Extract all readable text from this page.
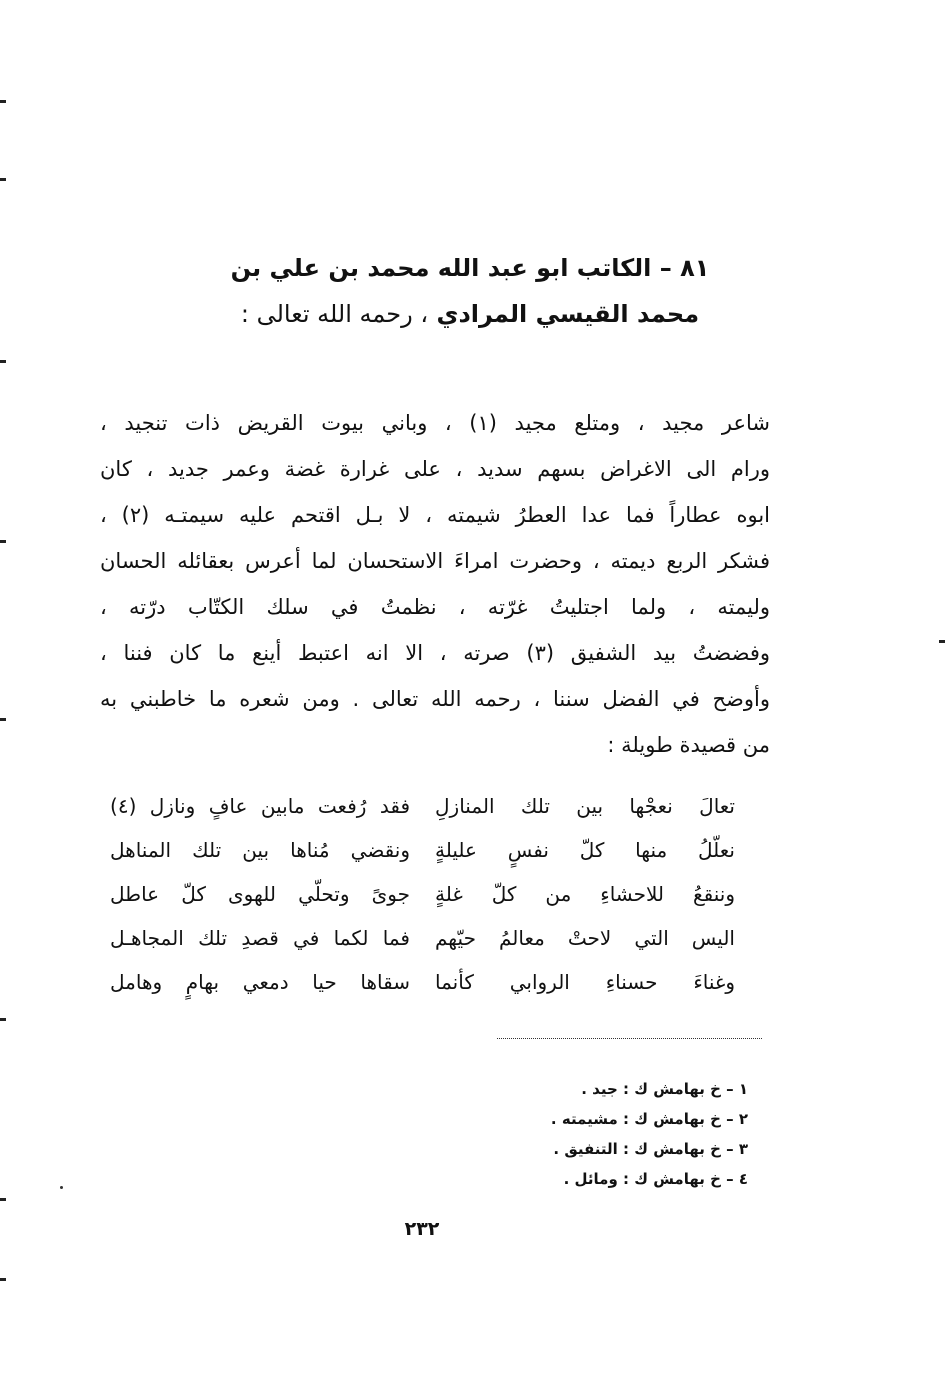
٨١ – الكاتب ابو عبد الله محمد بن علي بن
محمد القيسي المرادي ، رحمه الله تعالى :
شاعر مجيد ، ومتلع مجيد (١) ، وباني بيوت القريض ذات تنجيد ،
ورام الى الاغراض بسهم سديد ، على غرارة غضة وعمر جديد ، كان
ابوه عطاراً فما عدا العطرُ شيمته ، لا بـل اقتحم عليه سيمتـه (٢) ،
فشكر الربع ديمته ، وحضرت امراءَ الاستحسان لما أعرس بعقائله الحسان
وليمته ، ولما اجتليتُ غرّته ، نظمتُ في سلك الكتّاب درّته ،
وفضضتُ بيد الشفيق (٣) صرته ، الا انه اعتبط أينع ما كان فننا ،
وأوضح في الفضل سننا ، رحمه الله تعالى . ومن شعره ما خاطبني به
من قصيدة طويلة :
تعالَ نعجْها بين تلك المنازلِ
فقد رُفعت مابين عافٍ ونازل (٤)
نعلّلُ منها كلّ نفسٍ عليلةٍ
ونقضي مُناها بين تلك المناهل
وننقعُ للاحشاءِ من كلّ غلةٍ
جوىً وتحلّي للهوى كلّ عاطل
اليس التي لاحتْ معالمُ حيّهم
فما لكما في قصدِ تلك المجاهـل
وغناءَ حسناءِ الروابي كأنما
سقاها حيا دمعي بهامٍ وهامل
١ – خ بهامش ك : جيد .
٢ – خ بهامش ك : مشيمته .
٣ – خ بهامش ك : التنفيق .
٤ – خ بهامش ك : ومائل .
٢٣٢
